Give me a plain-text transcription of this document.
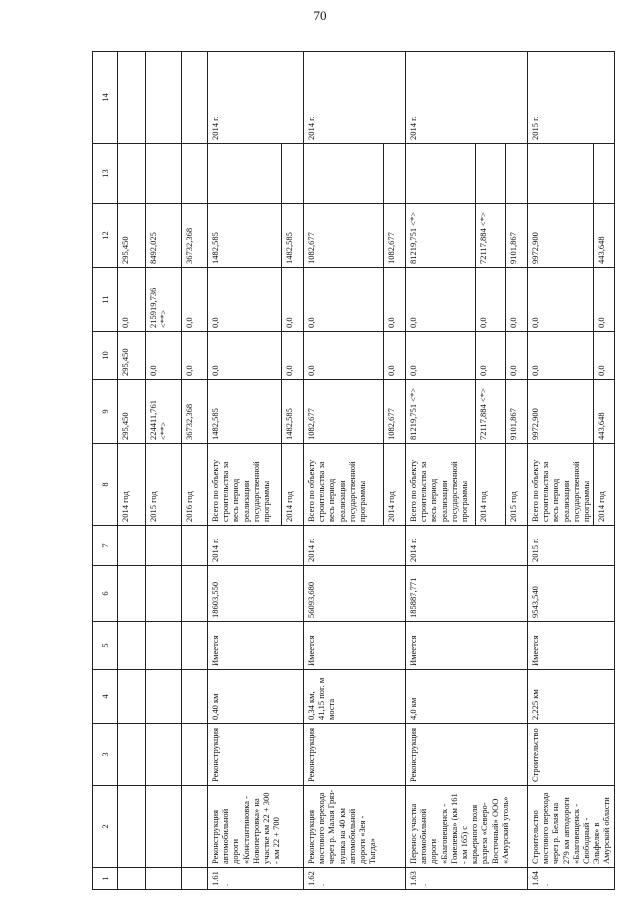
70
1	2	3	4	5	6	7	8	9	10	11	12	13	14
							2014 год	295,450	295,450	0,0	295,450		
							2015 год	224411,761 <**>	0,0	215919,736 <**>	8492,025		
							2016 год	36732,368	0,0	0,0	36732,368		
1.61.	Реконструкция автомобильной дороги «Константиновка - Новопетровка» на участке км 22 + 300 - км 22 + 700	Реконструкция	0,40 км	Имеется	18603,550	2014 г.	Всего по объекту строительства за весь период реализации государственной программы	1482,585	0,0	0,0	1482,585		2014 г.
							2014 год	1482,585	0,0	0,0	1482,585		
1.62.	Реконструкция мостового перехода через р. Малая Гряз-нушка на 40 км автомобильной дороги «Зея - Тыгда»	Реконструкция	0,34 км, 41,15 пог. м моста	Имеется	56093,680	2014 г.	Всего по объекту строительства за весь период реализации государственной программы	1082,677	0,0	0,0	1082,677		2014 г.
							2014 год	1082,677	0,0	0,0	1082,677		
1.63.	Перенос участка автомобильной дороги «Благовещенск - Гомелевка» (км 161 - км 165) с карьерного поля разреза «Северо-Восточный» ООО «Амурский уголь»	Реконструкция	4,0 км	Имеется	185887,771	2014 г.	Всего по объекту строительства за весь период реализации государственной программы	81219,751 <*>	0,0	0,0	81219,751 <*>		2014 г.
							2014 год	72117,884 <*>	0,0	0,0	72117,884 <*>		
							2015 год	9101,867	0,0	0,0	9101,867		
1.64.	Строительство мостового перехода через р. Белая на 279 км автодороги «Благовещенск - Свободный - Эльфеля» в Амурской области	Строительство	2,225 км	Имеется	9543,540	2015 г.	Всего по объекту строительства за весь период реализации государственной программы	9972,900	0,0	0,0	9972,900		2015 г.
							2014 год	443,648	0,0	0,0	443,648		
